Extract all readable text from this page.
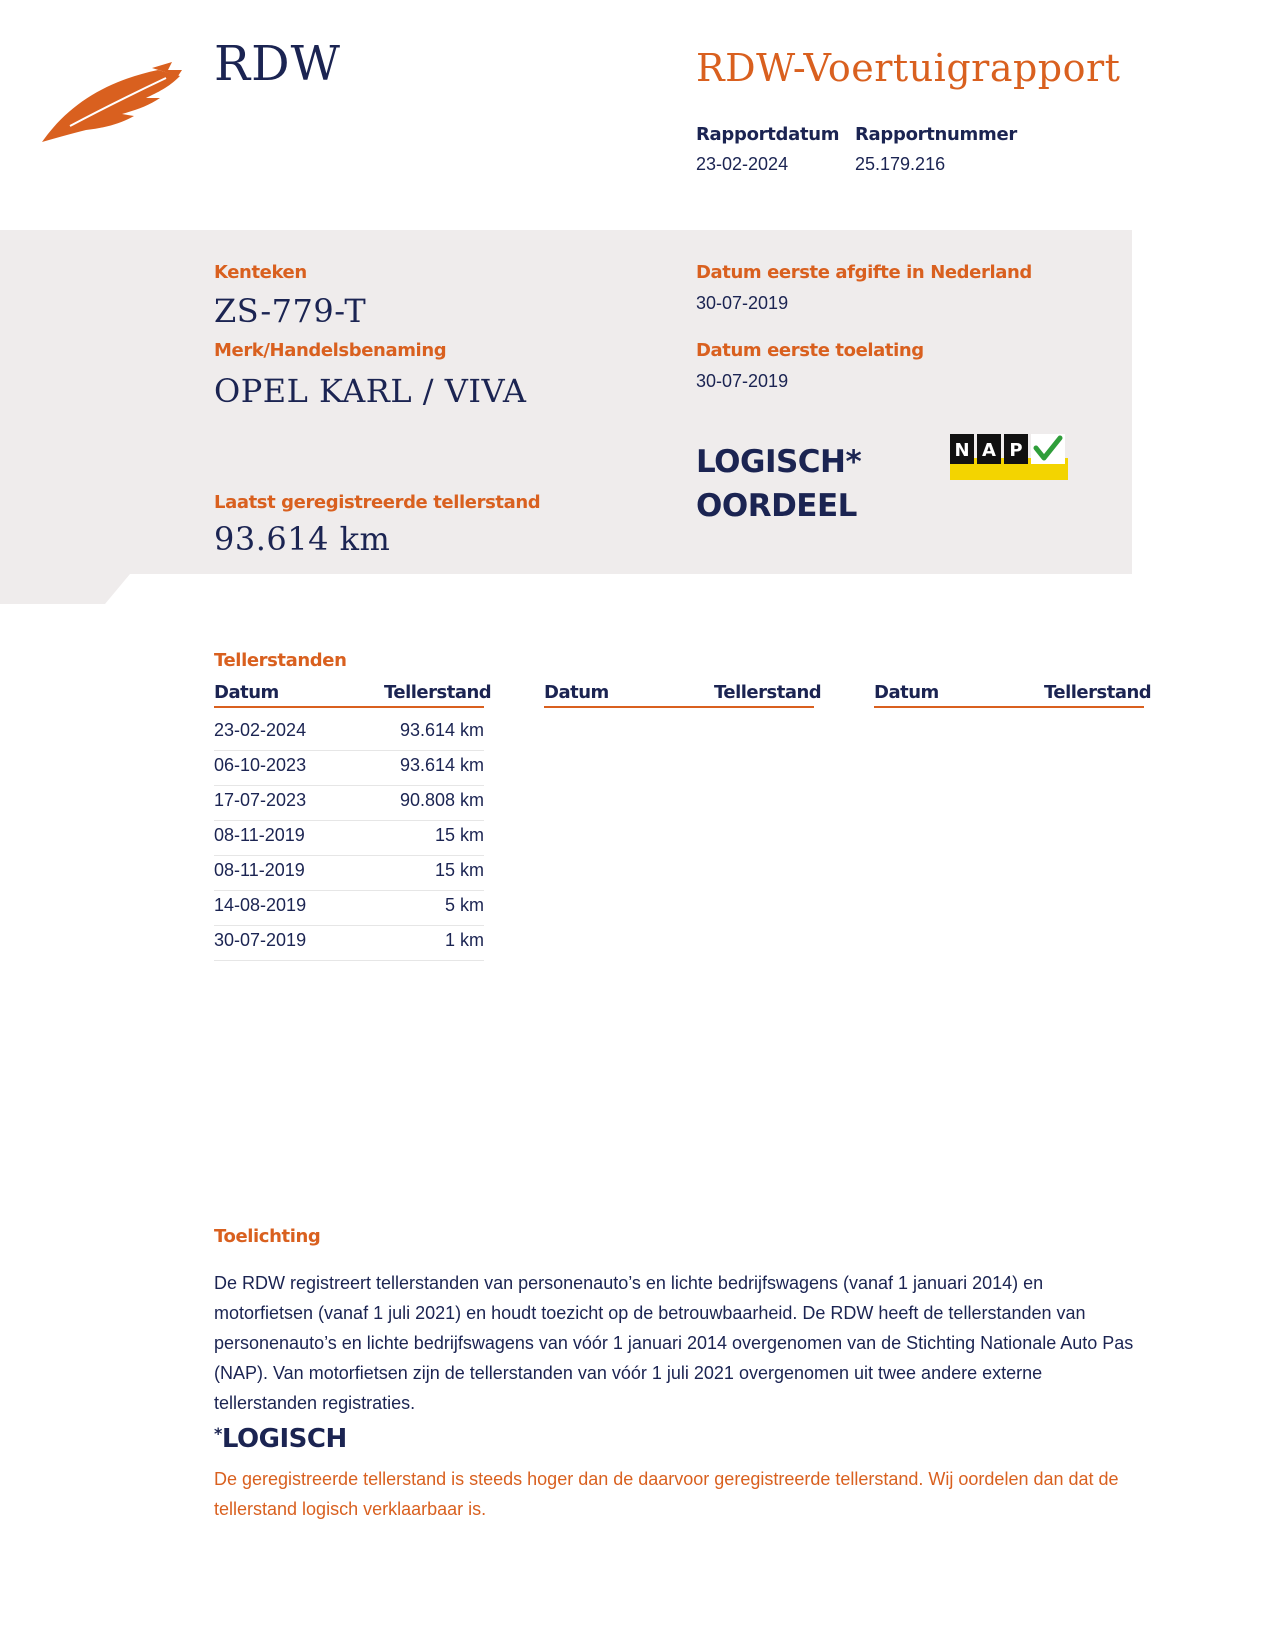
RDW	RDW-Voertuigrapport
Rapportdatum
23-02-2024
Rapportnummer
25.179.216
Kenteken
ZS-779-T
Merk/Handelsbenaming
OPEL KARL / VIVA
Laatst geregistreerde tellerstand
93.614 km
Datum eerste afgifte in Nederland
30-07-2019
Datum eerste toelating
30-07-2019
LOGISCH*
OORDEEL
N A P
Tellerstanden
Datum	Tellerstand	Datum	Tellerstand	Datum	Tellerstand
23-02-2024	93.614 km
06-10-2023	93.614 km
17-07-2023	90.808 km
08-11-2019	15 km
08-11-2019	15 km
14-08-2019	5 km
30-07-2019	1 km
Toelichting
De RDW registreert tellerstanden van personenauto’s en lichte bedrijfswagens (vanaf 1 januari 2014) en motorfietsen (vanaf 1 juli 2021) en houdt toezicht op de betrouwbaarheid. De RDW heeft de tellerstanden van personenauto’s en lichte bedrijfswagens van vóór 1 januari 2014 overgenomen van de Stichting Nationale Auto Pas (NAP). Van motorfietsen zijn de tellerstanden van vóór 1 juli 2021 overgenomen uit twee andere externe tellerstanden registraties.
*LOGISCH
De geregistreerde tellerstand is steeds hoger dan de daarvoor geregistreerde tellerstand. Wij oordelen dan dat de tellerstand logisch verklaarbaar is.
